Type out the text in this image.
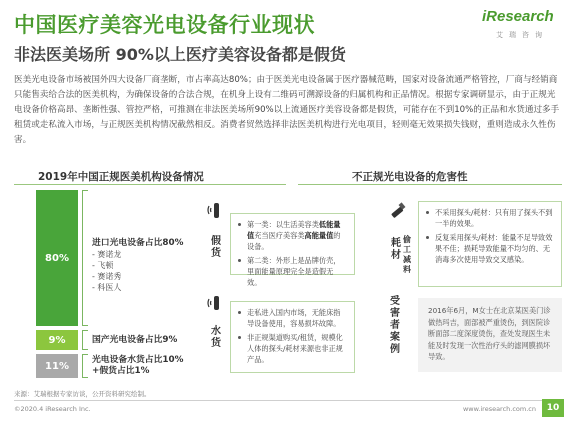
中国医疗美容光电设备行业现状
非法医美场所 90%以上医疗美容设备都是假货
iResearch
艾瑞咨询
医美光电设备市场被国外四大设备厂商垄断，市占率高达80%；由于医美光电设备属于医疗器械范畴，国家对设备流通严格管控，厂商与经销商只能售卖给合法的医美机构，为确保设备的合法合规，在机身上设有二维码可溯源设备的归属机构和正品情况。根据专家调研显示，由于正规光电设备价格高昂、垄断性强、管控严格，可推测在非法医美场所90%以上流通医疗美容设备都是假货，可能存在不到10%的正品和水货通过多手租赁或走私流入市场，与正规医美机构情况截然相反。消费者贸然选择非法医美机构进行光电项目，轻则毫无效果损失钱财，重则造成永久性伤害。
2019年中国正规医美机构设备情况
80%
9%
11%
进口光电设备占比80%
- 赛诺龙
- 飞顿
- 赛诺秀
- 科医人
国产光电设备占比9%
光电设备水货占比10%
+假货占比1%
不正规光电设备的危害性
假货
第一类：以生活美容类低能量值充当医疗美容类高能量值的设备。
第二类：外形上是品牌仿壳，里面能量原理完全是造假无效。
水货
走私进入国内市场，无能床指导设备使用，容易损坏故障。
非正规渠道购买/租赁，规模化人体的探头/耗材来源也非正规产品。
耗材
偷工减料
不采用探头/耗材：只有用了探头不到一半的效果。
反复采用探头/耗材：能量不足导致效果不佳；损耗导致能量不均匀的、无消毒多次使用导致交叉感染。
受害者案例
2016年6月，M女士在北京某医美门诊做热玛吉，面部被严重烫伤，到医院诊断面部二度深度烫伤，查处发现医生未能及时发现一次性治疗头的滤网膜损坏导致。
来源：艾瑞根据专家访谈，公开资料研究绘制。
©2020.4 iResearch Inc.	www.iresearch.com.cn	10
